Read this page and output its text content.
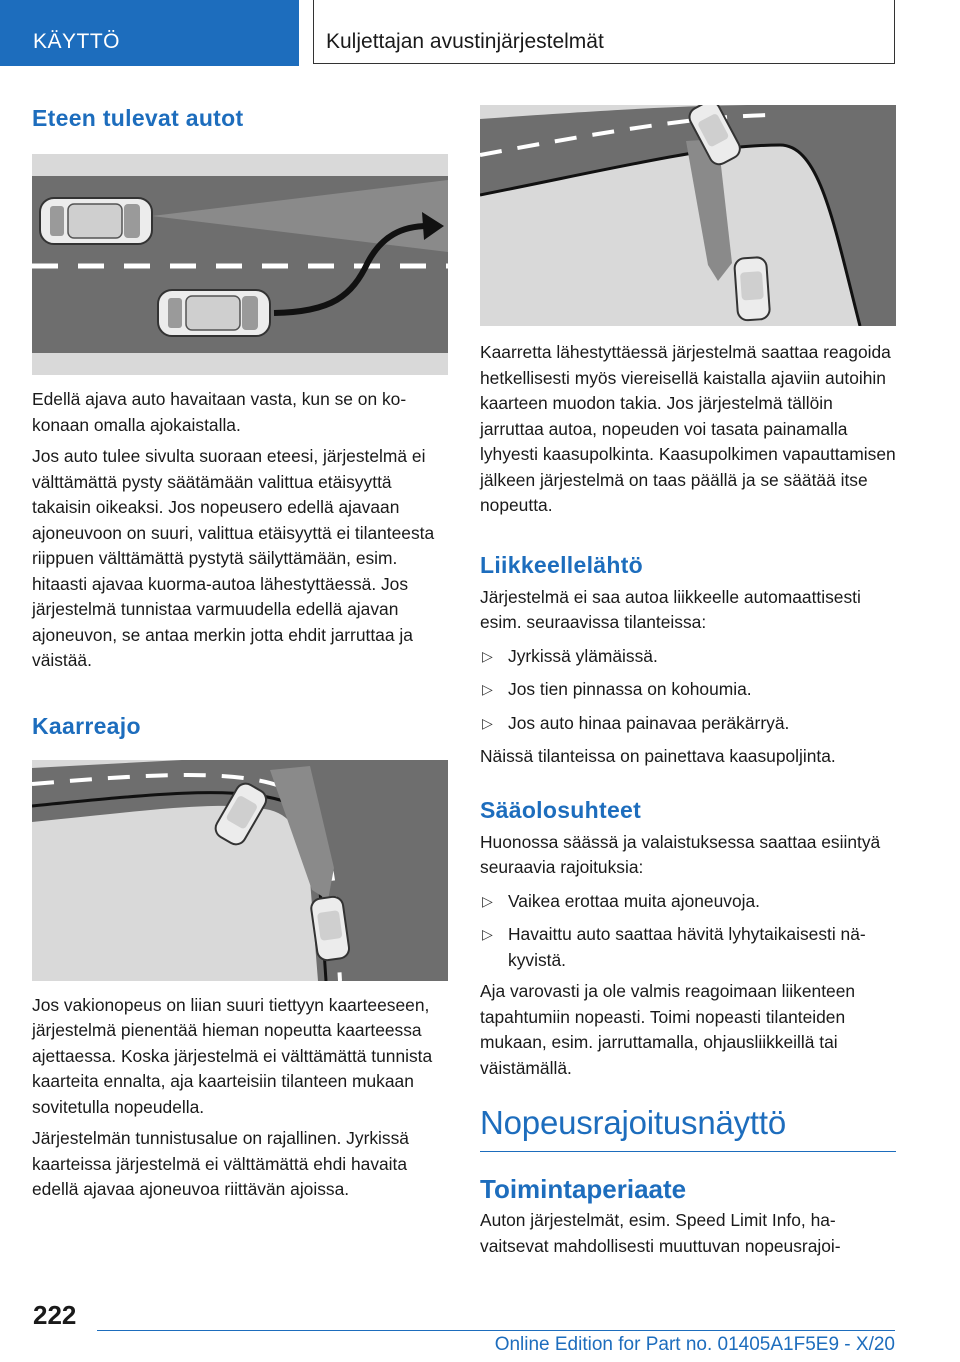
KÄYTTÖ	Kuljettajan avustinjärjestelmät
Eteen tulevat autot
Edellä ajava auto havaitaan vasta, kun se on kokonaan omalla ajokaistalla.
Jos auto tulee sivulta suoraan eteesi, järjestelmä ei välttämättä pysty säätämään valittua etäisyyttä takaisin oikeaksi. Jos nopeusero edellä ajavaan ajoneuvoon on suuri, valittua etäisyyttä ei tilanteesta riippuen välttämättä pystytä säilyttämään, esim. hitaasti ajavaa kuorma-autoa lähestyttäessä. Jos järjestelmä tunnistaa varmuudella edellä ajavan ajoneuvon, se antaa merkin jotta ehdit jarruttaa ja väistää.
Kaarreajo
Jos vakionopeus on liian suuri tiettyyn kaarteeseen, järjestelmä pienentää hieman nopeutta kaarteessa ajettaessa. Koska järjestelmä ei välttämättä tunnista kaarteita ennalta, aja kaarteisiin tilanteen mukaan sovitetulla nopeudella.
Järjestelmän tunnistusalue on rajallinen. Jyrkissä kaarteissa järjestelmä ei välttämättä ehdi havaita edellä ajavaa ajoneuvoa riittävän ajoissa.
Kaarretta lähestyttäessä järjestelmä saattaa reagoida hetkellisesti myös viereisellä kaistalla ajaviin autoihin kaarteen muodon takia. Jos järjestelmä tällöin jarruttaa autoa, nopeuden voi tasata painamalla lyhyesti kaasupolkinta. Kaasupolkimen vapauttamisen jälkeen järjestelmä on taas päällä ja se säätää itse nopeutta.
Liikkeellelähtö
Järjestelmä ei saa autoa liikkeelle automaattisesti esim. seuraavissa tilanteissa:
▷ Jyrkissä ylämäissä.
▷ Jos tien pinnassa on kohoumia.
▷ Jos auto hinaa painavaa peräkärryä.
Näissä tilanteissa on painettava kaasupoljinta.
Sääolosuhteet
Huonossa säässä ja valaistuksessa saattaa esiintyä seuraavia rajoituksia:
▷ Vaikea erottaa muita ajoneuvoja.
▷ Havaittu auto saattaa hävitä lyhytaikaisesti näkyvistä.
Aja varovasti ja ole valmis reagoimaan liikenteen tapahtumiin nopeasti. Toimi nopeasti tilanteiden mukaan, esim. jarruttamalla, ohjausliikkeillä tai väistämällä.
Nopeusrajoitusnäyttö
Toimintaperiaate
Auton järjestelmät, esim. Speed Limit Info, havaitsevat mahdollisesti muuttuvan nopeusrajoi-
222
Online Edition for Part no. 01405A1F5E9 - X/20
